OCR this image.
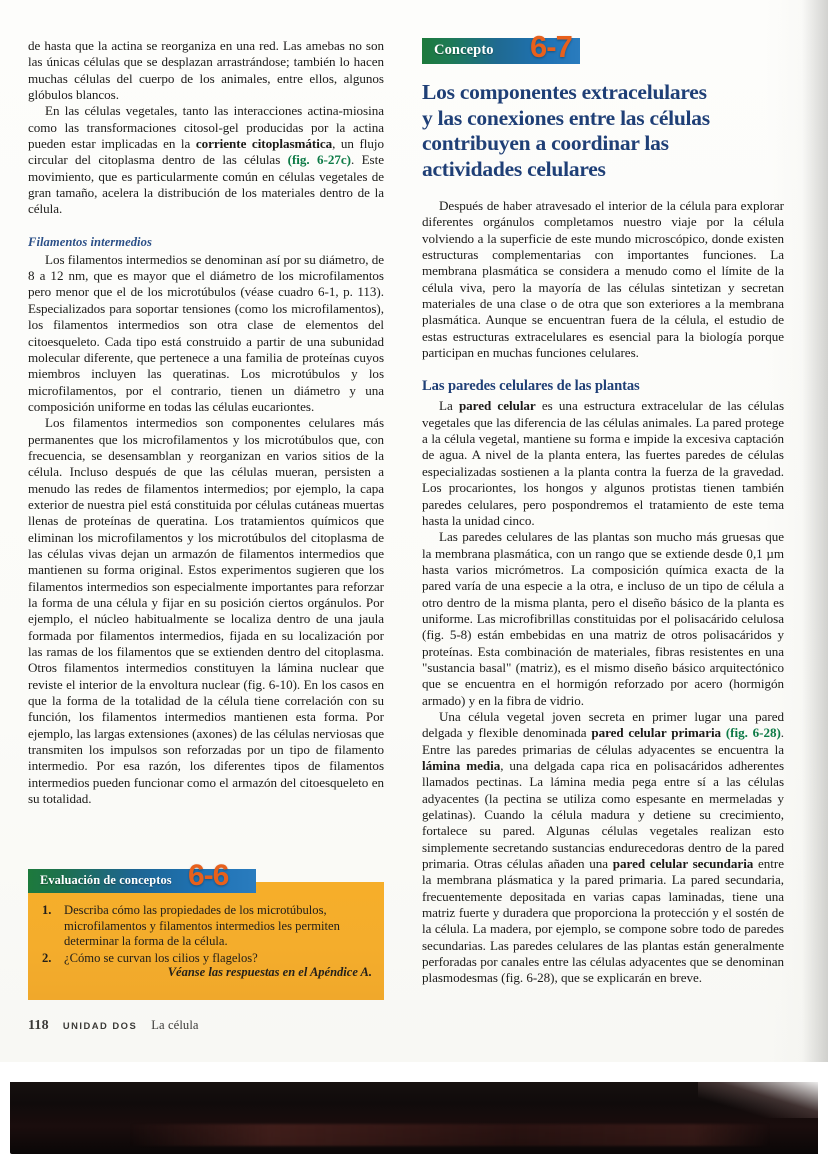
de hasta que la actina se reorganiza en una red. Las amebas no son las únicas células que se desplazan arrastrándose; también lo hacen muchas células del cuerpo de los animales, entre ellos, algunos glóbulos blancos.

En las células vegetales, tanto las interacciones actina-miosina como las transformaciones citosol-gel producidas por la actina pueden estar implicadas en la corriente citoplasmática, un flujo circular del citoplasma dentro de las células (fig. 6-27c). Este movimiento, que es particularmente común en células vegetales de gran tamaño, acelera la distribución de los materiales dentro de la célula.

Filamentos intermedios

Los filamentos intermedios se denominan así por su diámetro, de 8 a 12 nm, que es mayor que el diámetro de los microfilamentos pero menor que el de los microtúbulos (véase cuadro 6-1, p. 113). Especializados para soportar tensiones (como los microfilamentos), los filamentos intermedios son otra clase de elementos del citoesqueleto. Cada tipo está construido a partir de una subunidad molecular diferente, que pertenece a una familia de proteínas cuyos miembros incluyen las queratinas. Los microtúbulos y los microfilamentos, por el contrario, tienen un diámetro y una composición uniforme en todas las células eucariontes.

Los filamentos intermedios son componentes celulares más permanentes que los microfilamentos y los microtúbulos que, con frecuencia, se desensamblan y reorganizan en varios sitios de la célula. Incluso después de que las células mueran, persisten a menudo las redes de filamentos intermedios; por ejemplo, la capa exterior de nuestra piel está constituida por células cutáneas muertas llenas de proteínas de queratina. Los tratamientos químicos que eliminan los microfilamentos y los microtúbulos del citoplasma de las células vivas dejan un armazón de filamentos intermedios que mantienen su forma original. Estos experimentos sugieren que los filamentos intermedios son especialmente importantes para reforzar la forma de una célula y fijar en su posición ciertos orgánulos. Por ejemplo, el núcleo habitualmente se localiza dentro de una jaula formada por filamentos intermedios, fijada en su localización por las ramas de los filamentos que se extienden dentro del citoplasma. Otros filamentos intermedios constituyen la lámina nuclear que reviste el interior de la envoltura nuclear (fig. 6-10). En los casos en que la forma de la totalidad de la célula tiene correlación con su función, los filamentos intermedios mantienen esta forma. Por ejemplo, las largas extensiones (axones) de las células nerviosas que transmiten los impulsos son reforzadas por un tipo de filamento intermedio. Por esa razón, los diferentes tipos de filamentos intermedios pueden funcionar como el armazón del citoesqueleto en su totalidad.

Concepto 6-7
Los componentes extracelulares
y las conexiones entre las células
contribuyen a coordinar las
actividades celulares

Después de haber atravesado el interior de la célula para explorar diferentes orgánulos completamos nuestro viaje por la célula volviendo a la superficie de este mundo microscópico, donde existen estructuras complementarias con importantes funciones. La membrana plasmática se considera a menudo como el límite de la célula viva, pero la mayoría de las células sintetizan y secretan materiales de una clase o de otra que son exteriores a la membrana plasmática. Aunque se encuentran fuera de la célula, el estudio de estas estructuras extracelulares es esencial para la biología porque participan en muchas funciones celulares.

Las paredes celulares de las plantas

La pared celular es una estructura extracelular de las células vegetales que las diferencia de las células animales. La pared protege a la célula vegetal, mantiene su forma e impide la excesiva captación de agua. A nivel de la planta entera, las fuertes paredes de células especializadas sostienen a la planta contra la fuerza de la gravedad. Los procariontes, los hongos y algunos protistas tienen también paredes celulares, pero pospondremos el tratamiento de este tema hasta la unidad cinco.

Las paredes celulares de las plantas son mucho más gruesas que la membrana plasmática, con un rango que se extiende desde 0,1 µm hasta varios micrómetros. La composición química exacta de la pared varía de una especie a la otra, e incluso de un tipo de célula a otro dentro de la misma planta, pero el diseño básico de la planta es uniforme. Las microfibrillas constituidas por el polisacárido celulosa (fig. 5-8) están embebidas en una matriz de otros polisacáridos y proteínas. Esta combinación de materiales, fibras resistentes en una "sustancia basal" (matriz), es el mismo diseño básico arquitectónico que se encuentra en el hormigón reforzado por acero (hormigón armado) y en la fibra de vidrio.

Una célula vegetal joven secreta en primer lugar una pared delgada y flexible denominada pared celular primaria (fig. 6-28). Entre las paredes primarias de células adyacentes se encuentra la lámina media, una delgada capa rica en polisacáridos adherentes llamados pectinas. La lámina media pega entre sí a las células adyacentes (la pectina se utiliza como espesante en mermeladas y gelatinas). Cuando la célula madura y detiene su crecimiento, fortalece su pared. Algunas células vegetales realizan esto simplemente secretando sustancias endurecedoras dentro de la pared primaria. Otras células añaden una pared celular secundaria entre la membrana plásmatica y la pared primaria. La pared secundaria, frecuentemente depositada en varias capas laminadas, tiene una matriz fuerte y duradera que proporciona la protección y el sostén de la célula. La madera, por ejemplo, se compone sobre todo de paredes secundarias. Las paredes celulares de las plantas están generalmente perforadas por canales entre las células adyacentes que se denominan plasmodesmas (fig. 6-28), que se explicarán en breve.

Evaluación de conceptos 6-6
1. Describa cómo las propiedades de los microtúbulos, microfilamentos y filamentos intermedios les permiten determinar la forma de la célula.
2. ¿Cómo se curvan los cilios y flagelos?
Véanse las respuestas en el Apéndice A.
118 UNIDAD DOS La célula
